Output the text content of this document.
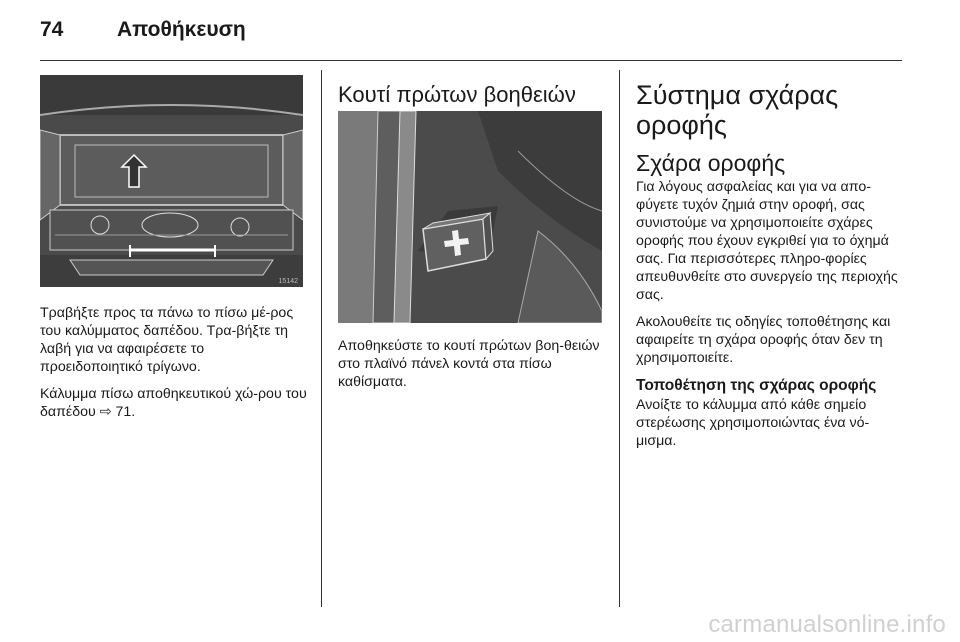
74	Αποθήκευση
15142

Τραβήξτε προς τα πάνω το πίσω μέ-ρος του καλύμματος δαπέδου. Τρα-βήξτε τη λαβή για να αφαιρέσετε το προειδοποιητικό τρίγωνο.

Κάλυμμα πίσω αποθηκευτικού χώ-ρου του δαπέδου ⇨ 71.

Κουτί πρώτων βοηθειών

Αποθηκεύστε το κουτί πρώτων βοη-θειών στο πλαϊνό πάνελ κοντά στα πίσω καθίσματα.

Σύστημα σχάρας οροφής
Σχάρα οροφής

Για λόγους ασφαλείας και για να απο-φύγετε τυχόν ζημιά στην οροφή, σας συνιστούμε να χρησιμοποιείτε σχάρες οροφής που έχουν εγκριθεί για το όχημά σας. Για περισσότερες πληρο-φορίες απευθυνθείτε στο συνεργείο της περιοχής σας.

Ακολουθείτε τις οδηγίες τοποθέτησης και αφαιρείτε τη σχάρα οροφής όταν δεν τη χρησιμοποιείτε.

Τοποθέτηση της σχάρας οροφής

Ανοίξτε το κάλυμμα από κάθε σημείο στερέωσης χρησιμοποιώντας ένα νό-μισμα.

carmanualsonline.info
